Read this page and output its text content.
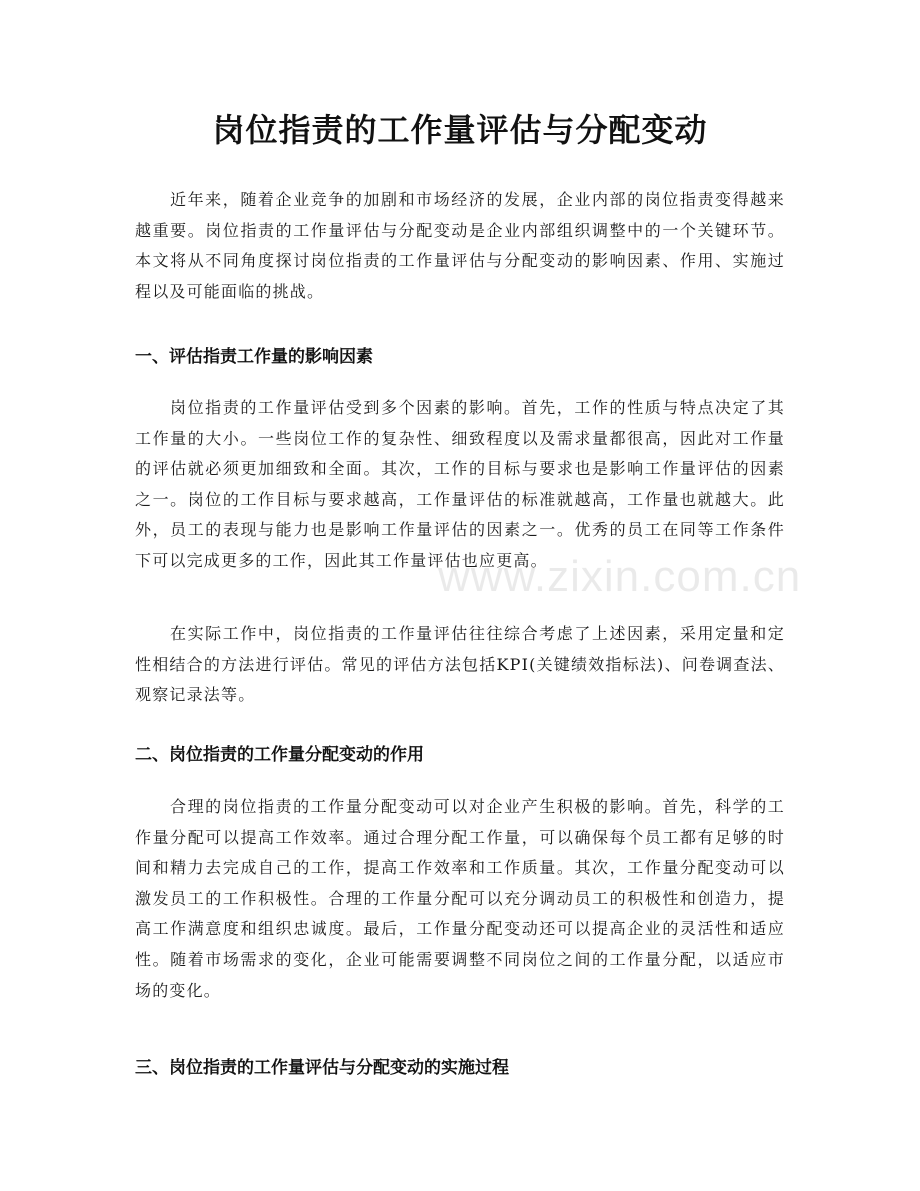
岗位指责的工作量评估与分配变动

近年来，随着企业竞争的加剧和市场经济的发展，企业内部的岗位指责变得越来越重要。岗位指责的工作量评估与分配变动是企业内部组织调整中的一个关键环节。本文将从不同角度探讨岗位指责的工作量评估与分配变动的影响因素、作用、实施过程以及可能面临的挑战。

一、评估指责工作量的影响因素

岗位指责的工作量评估受到多个因素的影响。首先，工作的性质与特点决定了其工作量的大小。一些岗位工作的复杂性、细致程度以及需求量都很高，因此对工作量的评估就必须更加细致和全面。其次，工作的目标与要求也是影响工作量评估的因素之一。岗位的工作目标与要求越高，工作量评估的标准就越高，工作量也就越大。此外，员工的表现与能力也是影响工作量评估的因素之一。优秀的员工在同等工作条件下可以完成更多的工作，因此其工作量评估也应更高。

在实际工作中，岗位指责的工作量评估往往综合考虑了上述因素，采用定量和定性相结合的方法进行评估。常见的评估方法包括KPI(关键绩效指标法)、问卷调查法、观察记录法等。

二、岗位指责的工作量分配变动的作用

合理的岗位指责的工作量分配变动可以对企业产生积极的影响。首先，科学的工作量分配可以提高工作效率。通过合理分配工作量，可以确保每个员工都有足够的时间和精力去完成自己的工作，提高工作效率和工作质量。其次，工作量分配变动可以激发员工的工作积极性。合理的工作量分配可以充分调动员工的积极性和创造力，提高工作满意度和组织忠诚度。最后，工作量分配变动还可以提高企业的灵活性和适应性。随着市场需求的变化，企业可能需要调整不同岗位之间的工作量分配，以适应市场的变化。

三、岗位指责的工作量评估与分配变动的实施过程
www.zixin.com.cn
